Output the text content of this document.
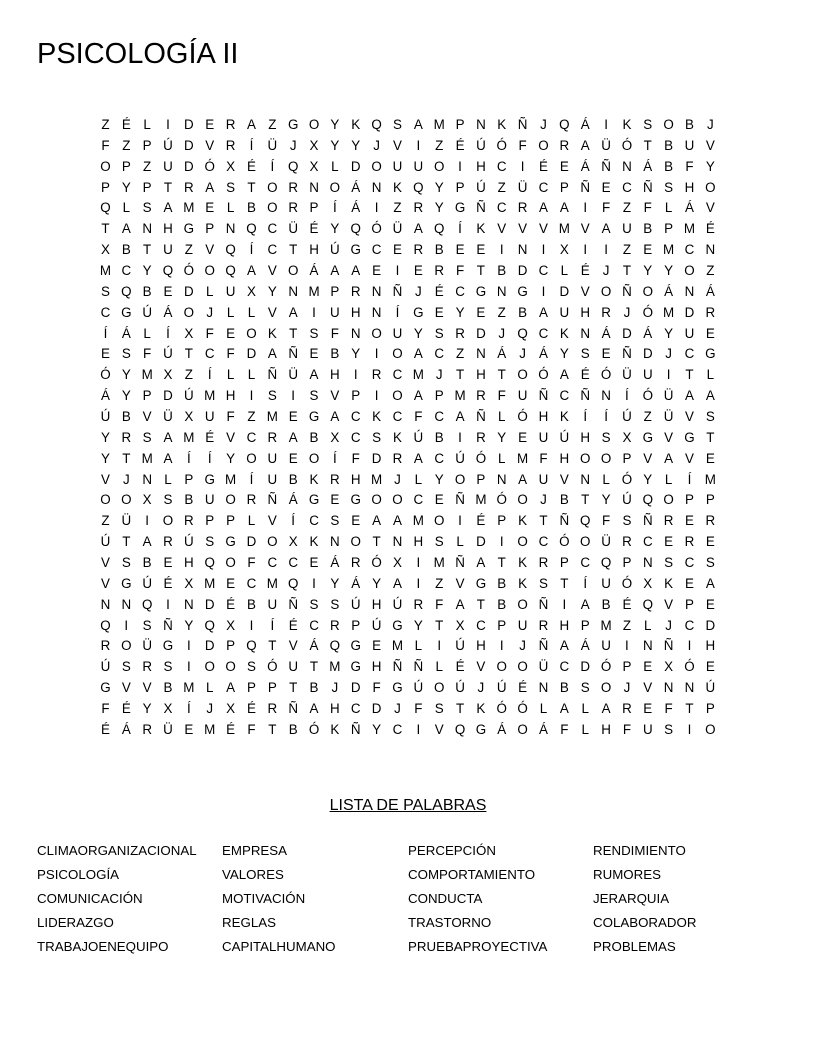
PSICOLOGÍA II
Z É L	I	D E R A Z G O Y K Q S A M P N K Ñ J Q Á	I	K S O B J
F Z P Ú D V R	Í	Ü J X Y Y J V	I	Z É Ú Ó F O R A Ü Ó T B U V
O P Z U D Ó X É	Í	Q X L D O U U O	I	H C	I	É E Á Ñ N Á B F Y
P Y P T R A S T O R N O Á N K Q Y P Ú Z Ü C P Ñ E C Ñ S H O
Q L S A M E L B O R P	Í	Á	I	Z R Y G Ñ C R A A	I	F Z F L Á V
T A N H G P N Q C Ü É Y Q Ó Ü A Q	Í	K V V V M V A U B P M É
X B T U Z V Q	Í	C T H Ú G C E R B E E	I	N	I	X	I	I	Z E M C N
M C Y Q Ó O Q A V O Á A A E	I	E R F T B D C L É J	T Y Y O Z
S Q B E D L U X Y N M P R N Ñ J É C G N G	I	D V O Ñ O Á N Á
C G Ú Á O J	L	L V A	I	U H N	Í	G E Y E Z B A U H R J Ó M D R
Í	Á L	Í	X F E O K T S F N O U Y S R D J Q C K N Á D Á Y U E
E S F Ú T C F D A Ñ E B Y	I	O A C Z N Á J Á Y S E Ñ D J C G
Ó Y M X Z	Í	L	L Ñ Ü A H	I	R C M J	T H T O Ó A É Ó Ü U	I	T L
Á Y P D Ú M H	I	S	I	S V P	I	O A P M R F U Ñ C Ñ N	Í	Ó Ü A A
Ú B V Ü X U F Z M E G A C K C F C A Ñ L Ó H K	Í	Í	Ú Z Ü V S
Y R S A M É V C R A B X C S K Ú B	I	R Y E U Ú H S X G V G T
Y T M A	Í	Í	Y O U E O	Í	F D R A C Ú Ó L M F H O O P V A V E
V J N L P G M	Í	U B K R H M J	L Y O P N A U V N L Ó Y L	Í	M
O O X S B U O R Ñ Á G E G O O C E Ñ M Ó O J B T Y Ú Q O P P
Z Ü	I	O R P P L V	Í	C S E A A M O	I	É P K T Ñ Q F S Ñ R E R
Ú T A R Ú S G D O X K N O T N H S L D	I	O C Ó O Ü R C E R E
V S B E H Q O F C C E Á R Ó X	I	M Ñ A T K R P C Q P N S C S
V G Ú É X M E C M Q	I	Y Á Y A	I	Z V G B K S T	Í	U Ó X K E A
N N Q	I	N D É B U Ñ S S Ú H Ú R F A T B O Ñ	I	A B É Q V P E
Q	I	S Ñ Y Q X	I	Í	É C R P Ú G Y T X C P U R H P M Z L	J C D
R O Ü G	I	D P Q T V Á Q G E M L	I	Ú H	I	J Ñ A Á U	I	N Ñ	I	H
Ú S R S	I	O O S Ó U T M G H Ñ Ñ L É V O O Ü C D Ó P E X Ó E
G V V B M L A P P T B J D F G Ú O Ú J Ú É N B S O J V N N Ú
F É Y X	Í	J X É R Ñ A H C D J	F S T K Ó Ó L A L A R E F T P
É Á R Ü E M É F T B Ó K Ñ Y C	I	V Q G Á O Á F L H F U S	I	O
LISTA DE PALABRAS
CLIMAORGANIZACIONAL
PSICOLOGÍA
COMUNICACIÓN
LIDERAZGO
TRABAJOENEQUIPO
EMPRESA
VALORES
MOTIVACIÓN
REGLAS
CAPITALHUMANO
PERCEPCIÓN
COMPORTAMIENTO
CONDUCTA
TRASTORNO
PRUEBAPROYECTIVA
RENDIMIENTO
RUMORES
JERARQUIA
COLABORADOR
PROBLEMAS
